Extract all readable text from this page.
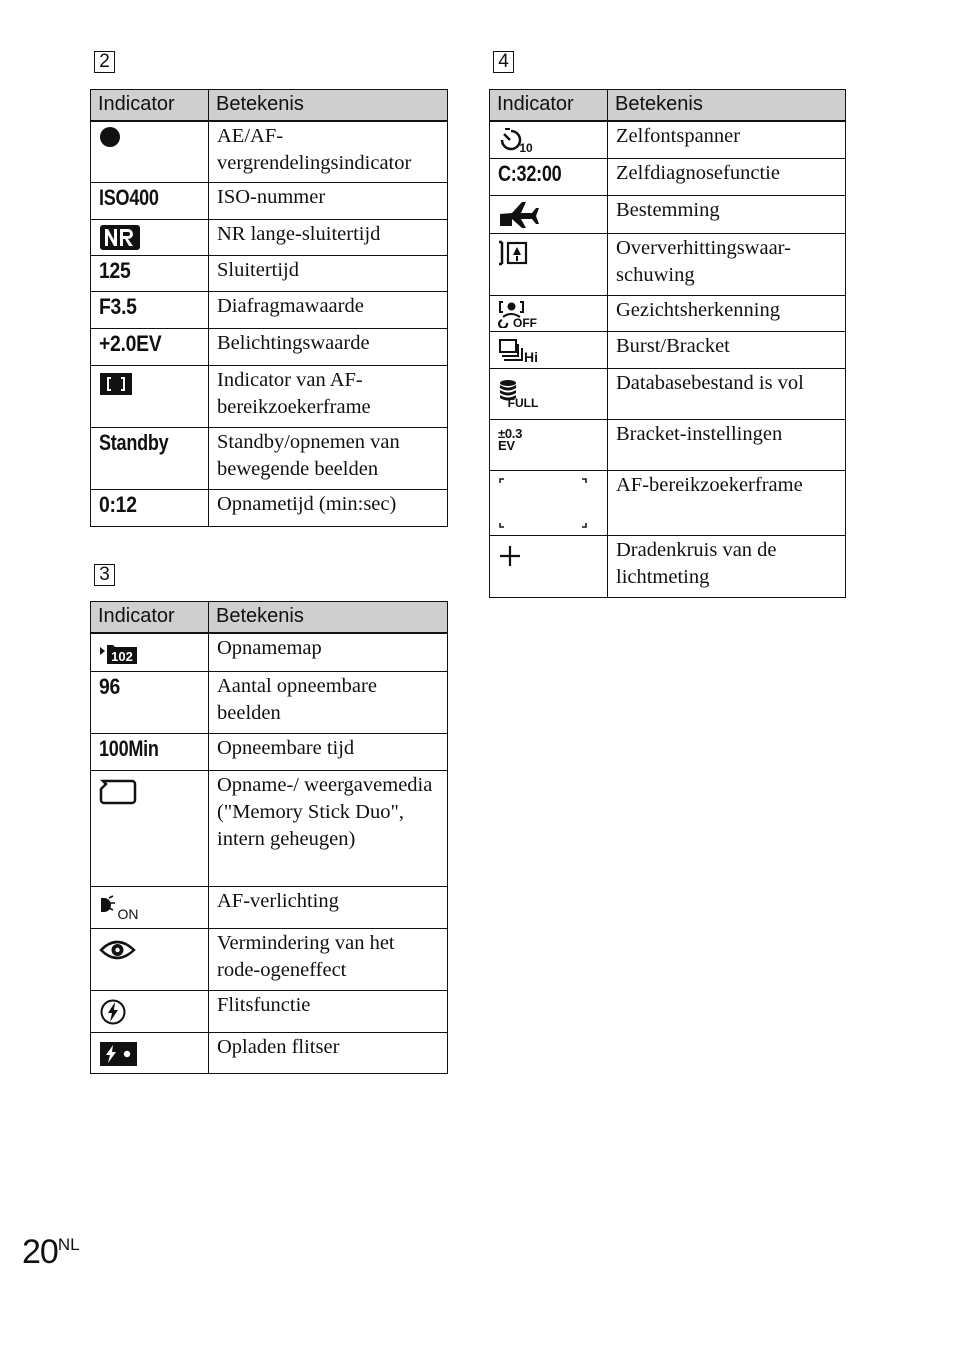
2
Indicator	Betekenis

	AE/AF-vergrendelingsindicator
ISO400	ISO-nummer

	NR lange-sluitertijd
125	Sluitertijd
F3.5	Diafragmawaarde
+2.0EV	Belichtingswaarde

	Indicator van AF-bereikzoekerframe
Standby	Standby/opnemen van bewegende beelden
0:12	Opnametijd (min:sec)
3
Indicator	Betekenis

102	Opnamemap
96	Aantal opneembare beelden
100Min	Opneembare tijd

	Opname-/ weergavemedia ("Memory Stick Duo", intern geheugen)

ON	AF-verlichting

	Vermindering van het rode-ogeneffect

	Flitsfunctie

	Opladen flitser
4
Indicator	Betekenis

10	Zelfontspanner
C:32:00	Zelfdiagnosefunctie

	Bestemming

	Oververhittingswaar-schuwing

OFF	Gezichtsherkenning

Hi	Burst/Bracket

FULL	Databasebestand is vol

±0.3 EV	Bracket-instellingen

	AF-bereikzoekerframe

	Dradenkruis van de lichtmeting
$20^{NL}$
